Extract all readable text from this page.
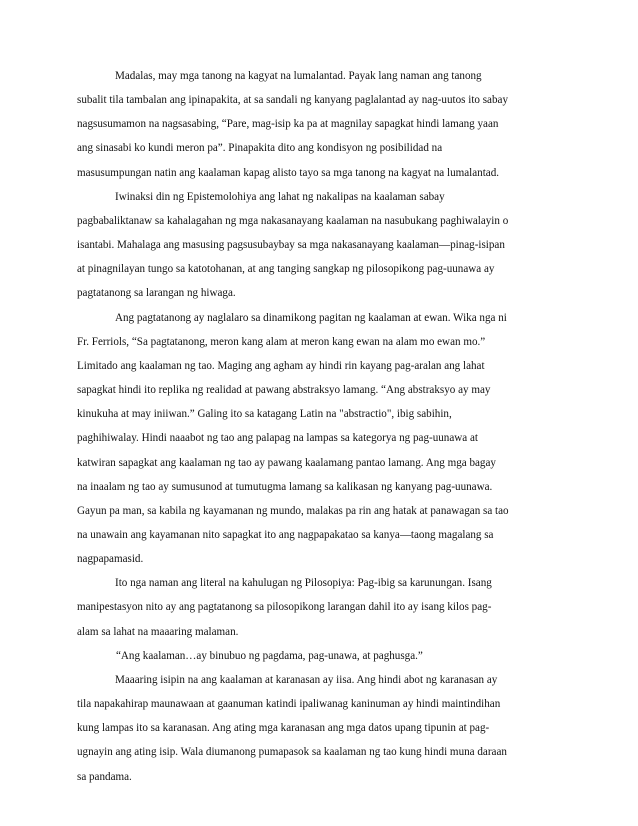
Madalas, may mga tanong na kagyat na lumalantad. Payak lang naman ang tanong
subalit tila tambalan ang ipinapakita, at sa sandali ng kanyang paglalantad ay nag-uutos ito sabay
nagsusumamon na nagsasabing, “Pare, mag-isip ka pa at magnilay sapagkat hindi lamang yaan
ang sinasabi ko kundi meron pa”. Pinapakita dito ang kondisyon ng posibilidad na
masusumpungan natin ang kaalaman kapag alisto tayo sa mga tanong na kagyat na lumalantad.
Iwinaksi din ng Epistemolohiya ang lahat ng nakalipas na kaalaman sabay
pagbabaliktanaw sa kahalagahan ng mga nakasanayang kaalaman na nasubukang paghiwalayin o
isantabi. Mahalaga ang masusing pagsusubaybay sa mga nakasanayang kaalaman—pinag-isipan
at pinagnilayan tungo sa katotohanan, at ang tanging sangkap ng pilosopikong pag-uunawa ay
pagtatanong sa larangan ng hiwaga.
Ang pagtatanong ay naglalaro sa dinamikong pagitan ng kaalaman at ewan. Wika nga ni
Fr. Ferriols, “Sa pagtatanong, meron kang alam at meron kang ewan na alam mo ewan mo.”
Limitado ang kaalaman ng tao. Maging ang agham ay hindi rin kayang pag-aralan ang lahat
sapagkat hindi ito replika ng realidad at pawang abstraksyo lamang. “Ang abstraksyo ay may
kinukuha at may iniiwan.” Galing ito sa katagang Latin na "abstractio", ibig sabihin,
paghihiwalay. Hindi naaabot ng tao ang palapag na lampas sa kategorya ng pag-uunawa at
katwiran sapagkat ang kaalaman ng tao ay pawang kaalamang pantao lamang. Ang mga bagay
na inaalam ng tao ay sumusunod at tumutugma lamang sa kalikasan ng kanyang pag-uunawa.
Gayun pa man, sa kabila ng kayamanan ng mundo, malakas pa rin ang hatak at panawagan sa tao
na unawain ang kayamanan nito sapagkat ito ang nagpapakatao sa kanya—taong magalang sa
nagpapamasid.
Ito nga naman ang literal na kahulugan ng Pilosopiya: Pag-ibig sa karunungan. Isang
manipestasyon nito ay ang pagtatanong sa pilosopikong larangan dahil ito ay isang kilos pag-
alam sa lahat na maaaring malaman.
“Ang kaalaman…ay binubuo ng pagdama, pag-unawa, at paghusga.”
Maaaring isipin na ang kaalaman at karanasan ay iisa. Ang hindi abot ng karanasan ay
tila napakahirap maunawaan at gaanuman katindi ipaliwanag kaninuman ay hindi maintindihan
kung lampas ito sa karanasan. Ang ating mga karanasan ang mga datos upang tipunin at pag-
ugnayin ang ating isip. Wala diumanong pumapasok sa kaalaman ng tao kung hindi muna daraan
sa pandama.
